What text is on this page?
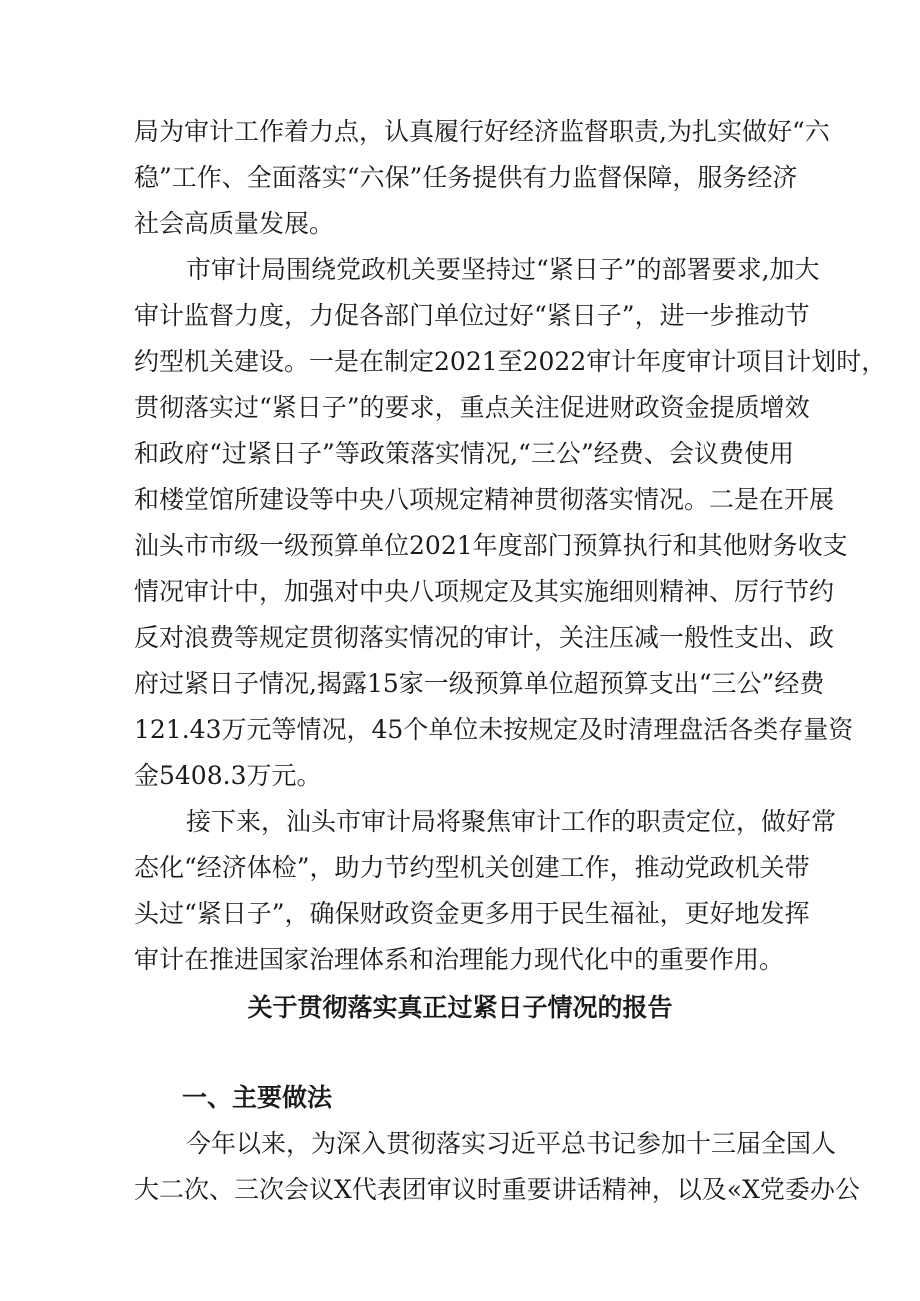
局为审计工作着力点，认真履行好经济监督职责,为扎实做好“六
稳”工作、全面落实“六保”任务提供有力监督保障，服务经济
社会高质量发展。
市审计局围绕党政机关要坚持过“紧日子”的部署要求,加大
审计监督力度，力促各部门单位过好“紧日子”，进一步推动节
约型机关建设。一是在制定2021至2022审计年度审计项目计划时，
贯彻落实过“紧日子”的要求，重点关注促进财政资金提质增效
和政府“过紧日子”等政策落实情况,“三公”经费、会议费使用
和楼堂馆所建设等中央八项规定精神贯彻落实情况。二是在开展
汕头市市级一级预算单位2021年度部门预算执行和其他财务收支
情况审计中，加强对中央八项规定及其实施细则精神、厉行节约
反对浪费等规定贯彻落实情况的审计，关注压减一般性支出、政
府过紧日子情况,揭露15家一级预算单位超预算支出“三公”经费
121.43万元等情况，45个单位未按规定及时清理盘活各类存量资
金5408.3万元。
接下来，汕头市审计局将聚焦审计工作的职责定位，做好常
态化“经济体检”，助力节约型机关创建工作，推动党政机关带
头过“紧日子”，确保财政资金更多用于民生福祉，更好地发挥
审计在推进国家治理体系和治理能力现代化中的重要作用。
关于贯彻落实真正过紧日子情况的报告
一、主要做法
今年以来，为深入贯彻落实习近平总书记参加十三届全国人
大二次、三次会议X代表团审议时重要讲话精神，以及«X党委办公
